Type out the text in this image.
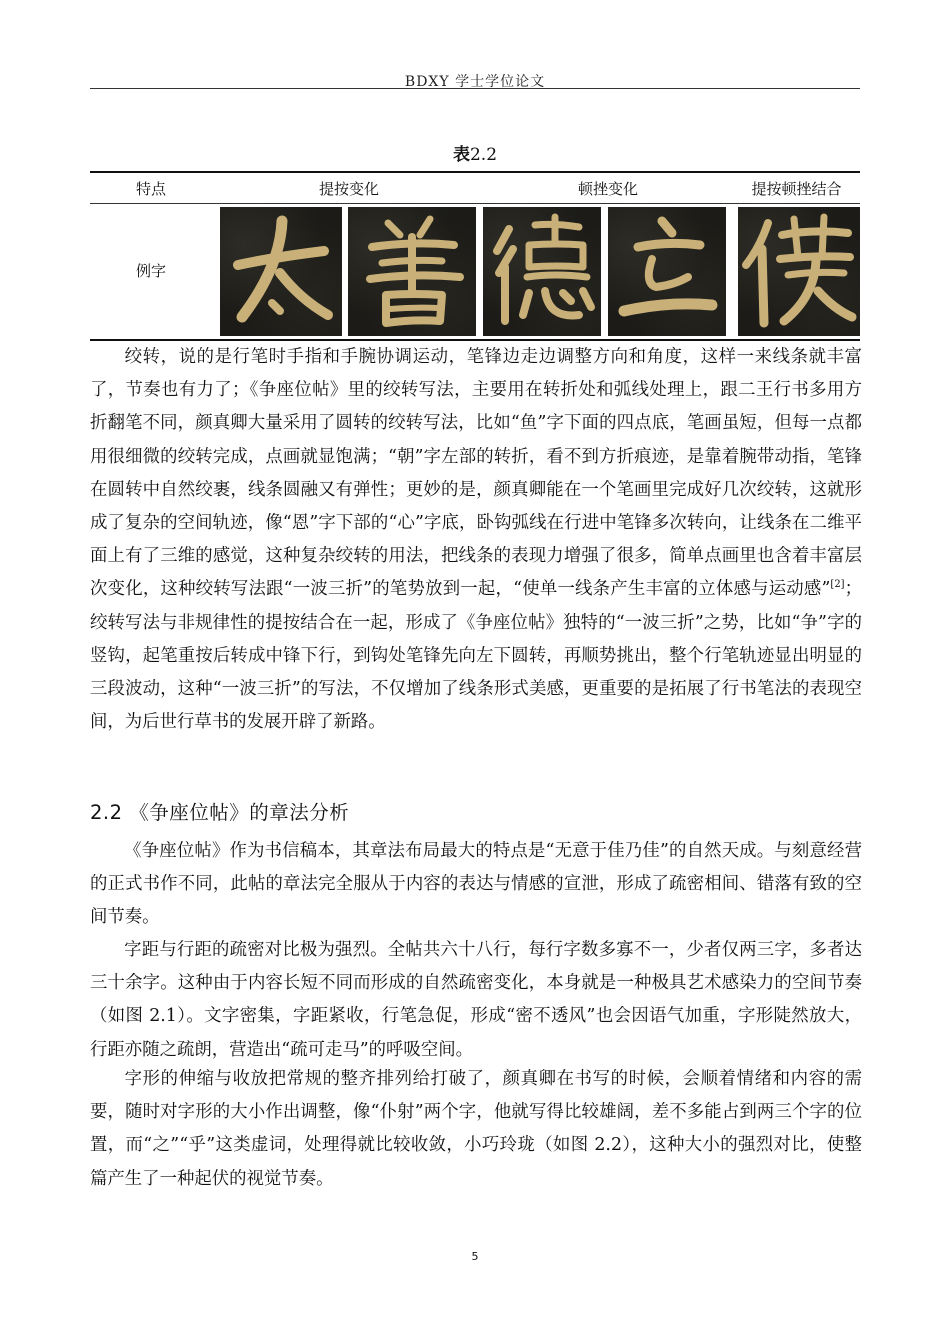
BDXY 学士学位论文
表2.2
特点	提按变化	顿挫变化	提按顿挫结合
例字

绞转，说的是行笔时手指和手腕协调运动，笔锋边走边调整方向和角度，这样一来线条就丰富了，节奏也有力了；《争座位帖》里的绞转写法，主要用在转折处和弧线处理上，跟二王行书多用方折翻笔不同，颜真卿大量采用了圆转的绞转写法，比如“鱼”字下面的四点底，笔画虽短，但每一点都用很细微的绞转完成，点画就显饱满；“朝”字左部的转折，看不到方折痕迹，是靠着腕带动指，笔锋在圆转中自然绞裹，线条圆融又有弹性；更妙的是，颜真卿能在一个笔画里完成好几次绞转，这就形成了复杂的空间轨迹，像“恩”字下部的“心”字底，卧钩弧线在行进中笔锋多次转向，让线条在二维平面上有了三维的感觉，这种复杂绞转的用法，把线条的表现力增强了很多，简单点画里也含着丰富层次变化，这种绞转写法跟“一波三折”的笔势放到一起，“使单一线条产生丰富的立体感与运动感”[2]；绞转写法与非规律性的提按结合在一起，形成了《争座位帖》独特的“一波三折”之势，比如“争”字的竖钩，起笔重按后转成中锋下行，到钩处笔锋先向左下圆转，再顺势挑出，整个行笔轨迹显出明显的三段波动，这种“一波三折”的写法，不仅增加了线条形式美感，更重要的是拓展了行书笔法的表现空间，为后世行草书的发展开辟了新路。

2.2 《争座位帖》的章法分析

《争座位帖》作为书信稿本，其章法布局最大的特点是“无意于佳乃佳”的自然天成。与刻意经营的正式书作不同，此帖的章法完全服从于内容的表达与情感的宣泄，形成了疏密相间、错落有致的空间节奏。

字距与行距的疏密对比极为强烈。全帖共六十八行，每行字数多寡不一，少者仅两三字，多者达三十余字。这种由于内容长短不同而形成的自然疏密变化，本身就是一种极具艺术感染力的空间节奏（如图 2.1）。文字密集，字距紧收，行笔急促，形成“密不透风”也会因语气加重，字形陡然放大，行距亦随之疏朗，营造出“疏可走马”的呼吸空间。

字形的伸缩与收放把常规的整齐排列给打破了，颜真卿在书写的时候，会顺着情绪和内容的需要，随时对字形的大小作出调整，像“仆射”两个字，他就写得比较雄阔，差不多能占到两三个字的位置，而“之”“乎”这类虚词，处理得就比较收敛，小巧玲珑（如图 2.2），这种大小的强烈对比，使整篇产生了一种起伏的视觉节奏。

5
